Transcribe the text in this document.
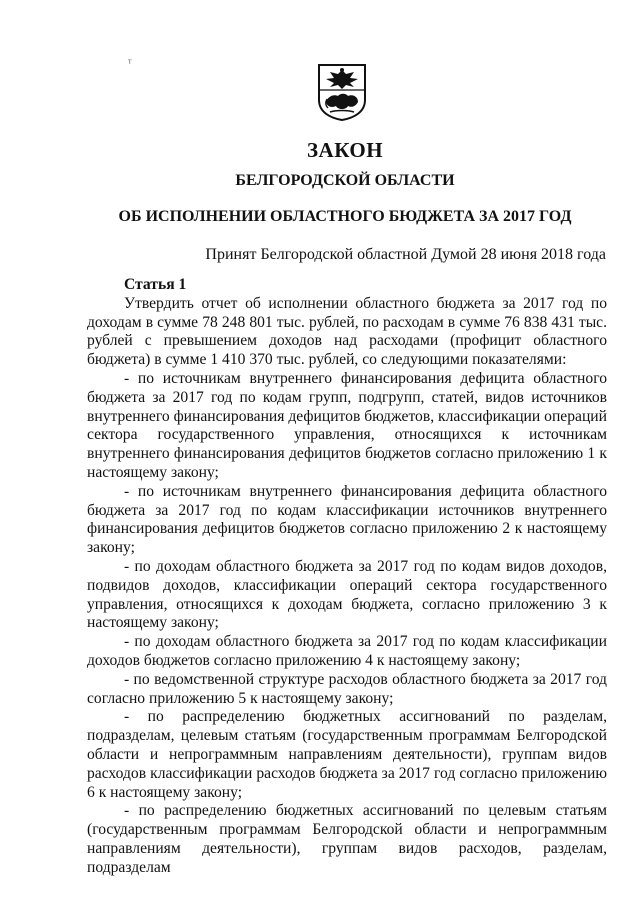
ᵀ
ЗАКОН
БЕЛГОРОДСКОЙ ОБЛАСТИ
ОБ ИСПОЛНЕНИИ ОБЛАСТНОГО БЮДЖЕТА ЗА 2017 ГОД

Принят Белгородской областной Думой 28 июня 2018 года

Статья 1

Утвердить отчет об исполнении областного бюджета за 2017 год по доходам в сумме 78 248 801 тыс. рублей, по расходам в сумме 76 838 431 тыс. рублей с превышением доходов над расходами (профицит областного бюджета) в сумме 1 410 370 тыс. рублей, со следующими показателями:

- по источникам внутреннего финансирования дефицита областного бюджета за 2017 год по кодам групп, подгрупп, статей, видов источников внутреннего финансирования дефицитов бюджетов, классификации операций сектора государственного управления, относящихся к источникам внутреннего финансирования дефицитов бюджетов согласно приложению 1 к настоящему закону;

- по источникам внутреннего финансирования дефицита областного бюджета за 2017 год по кодам классификации источников внутреннего финансирования дефицитов бюджетов согласно приложению 2 к настоящему закону;

- по доходам областного бюджета за 2017 год по кодам видов доходов, подвидов доходов, классификации операций сектора государственного управления, относящихся к доходам бюджета, согласно приложению 3 к настоящему закону;

- по доходам областного бюджета за 2017 год по кодам классификации доходов бюджетов согласно приложению 4 к настоящему закону;

- по ведомственной структуре расходов областного бюджета за 2017 год согласно приложению 5 к настоящему закону;

- по распределению бюджетных ассигнований по разделам, подразделам, целевым статьям (государственным программам Белгородской области и непрограммным направлениям деятельности), группам видов расходов классификации расходов бюджета за 2017 год согласно приложению 6 к настоящему закону;

- по распределению бюджетных ассигнований по целевым статьям (государственным программам Белгородской области и непрограммным направлениям деятельности), группам видов расходов, разделам, подразделам
